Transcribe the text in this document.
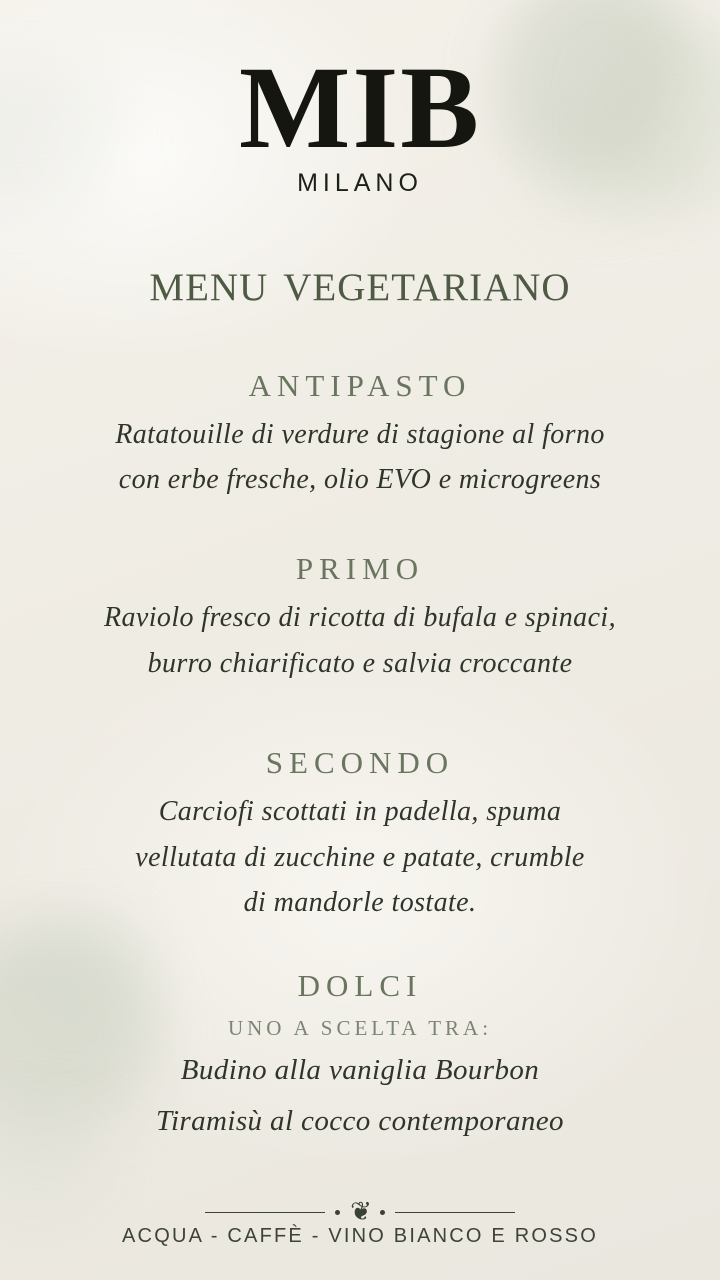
MIB
MILANO
menu vegetariano
ANTIPASTO
Ratatouille di verdure di stagione al forno
con erbe fresche, olio EVO e microgreens
PRIMO
Raviolo fresco di ricotta di bufala e spinaci,
burro chiarificato e salvia croccante
SECONDO
Carciofi scottati in padella, spuma
vellutata di zucchine e patate, crumble
di mandorle tostate.
DOLCI
UNO A SCELTA TRA:
Budino alla vaniglia Bourbon
Tiramisù al cocco contemporaneo
❦
ACQUA - CAFFÈ - VINO BIANCO E ROSSO
